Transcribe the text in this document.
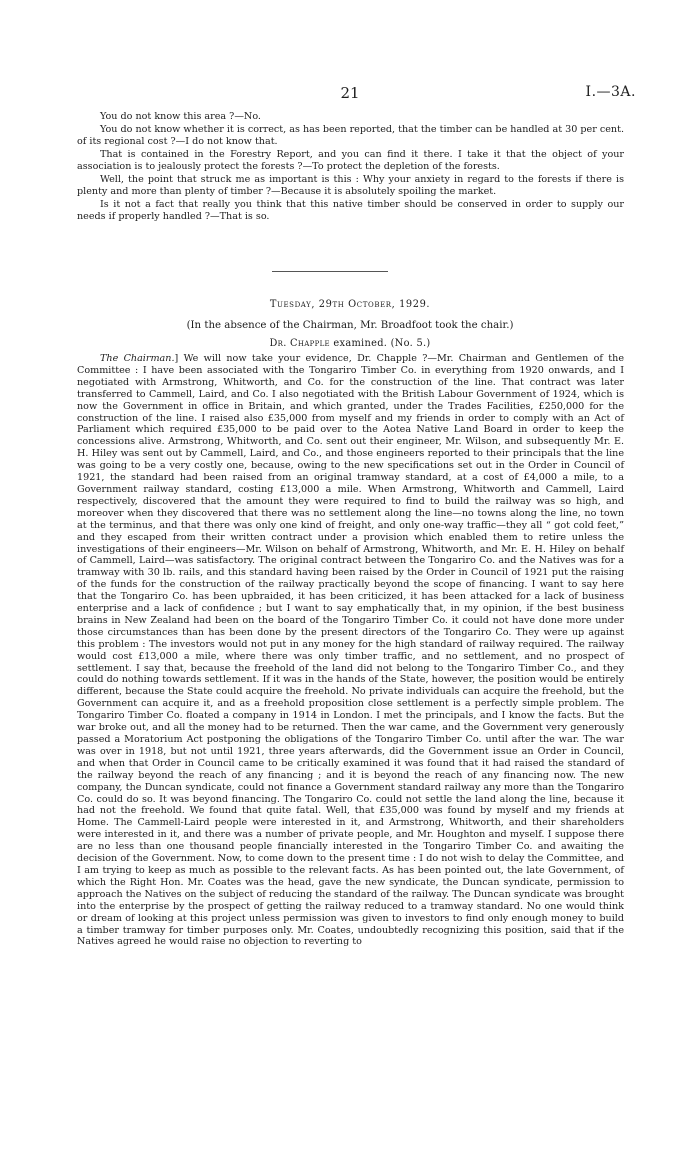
21	I.—3A.

You do not know this area ?—No.

You do not know whether it is correct, as has been reported, that the timber can be handled at 30 per cent. of its regional cost ?—I do not know that.

That is contained in the Forestry Report, and you can find it there. I take it that the object of your association is to jealously protect the forests ?—To protect the depletion of the forests.

Well, the point that struck me as important is this : Why your anxiety in regard to the forests if there is plenty and more than plenty of timber ?—Because it is absolutely spoiling the market.

Is it not a fact that really you think that this native timber should be conserved in order to supply our needs if properly handled ?—That is so.

Tuesday, 29th October, 1929.
(In the absence of the Chairman, Mr. Broadfoot took the chair.)
Dr. Chapple examined. (No. 5.)

The Chairman.] We will now take your evidence, Dr. Chapple ?—Mr. Chairman and Gentlemen of the Committee : I have been associated with the Tongariro Timber Co. in everything from 1920 onwards, and I negotiated with Armstrong, Whitworth, and Co. for the construction of the line. That contract was later transferred to Cammell, Laird, and Co. I also negotiated with the British Labour Government of 1924, which is now the Government in office in Britain, and which granted, under the Trades Facilities, £250,000 for the construction of the line. I raised also £35,000 from myself and my friends in order to comply with an Act of Parliament which required £35,000 to be paid over to the Aotea Native Land Board in order to keep the concessions alive. Armstrong, Whitworth, and Co. sent out their engineer, Mr. Wilson, and subsequently Mr. E. H. Hiley was sent out by Cammell, Laird, and Co., and those engineers reported to their principals that the line was going to be a very costly one, because, owing to the new specifications set out in the Order in Council of 1921, the standard had been raised from an original tramway standard, at a cost of £4,000 a mile, to a Government railway standard, costing £13,000 a mile. When Armstrong, Whitworth and Cammell, Laird respectively, discovered that the amount they were required to find to build the railway was so high, and moreover when they discovered that there was no settlement along the line—no towns along the line, no town at the terminus, and that there was only one kind of freight, and only one-way traffic—they all “ got cold feet,” and they escaped from their written contract under a provision which enabled them to retire unless the investigations of their engineers—Mr. Wilson on behalf of Armstrong, Whitworth, and Mr. E. H. Hiley on behalf of Cammell, Laird—was satisfactory. The original contract between the Tongariro Co. and the Natives was for a tramway with 30 lb. rails, and this standard having been raised by the Order in Council of 1921 put the raising of the funds for the construction of the railway practically beyond the scope of financing. I want to say here that the Tongariro Co. has been upbraided, it has been criticized, it has been attacked for a lack of business enterprise and a lack of confidence ; but I want to say emphatically that, in my opinion, if the best business brains in New Zealand had been on the board of the Tongariro Timber Co. it could not have done more under those circumstances than has been done by the present directors of the Tongariro Co. They were up against this problem : The investors would not put in any money for the high standard of railway required. The railway would cost £13,000 a mile, where there was only timber traffic, and no settlement, and no prospect of settlement. I say that, because the freehold of the land did not belong to the Tongariro Timber Co., and they could do nothing towards settlement. If it was in the hands of the State, however, the position would be entirely different, because the State could acquire the freehold. No private individuals can acquire the freehold, but the Government can acquire it, and as a freehold proposition close settlement is a perfectly simple problem. The Tongariro Timber Co. floated a company in 1914 in London. I met the principals, and I know the facts. But the war broke out, and all the money had to be returned. Then the war came, and the Government very generously passed a Moratorium Act postponing the obligations of the Tongariro Timber Co. until after the war. The war was over in 1918, but not until 1921, three years afterwards, did the Government issue an Order in Council, and when that Order in Council came to be critically examined it was found that it had raised the standard of the railway beyond the reach of any financing ; and it is beyond the reach of any financing now. The new company, the Duncan syndicate, could not finance a Government standard railway any more than the Tongariro Co. could do so. It was beyond financing. The Tongariro Co. could not settle the land along the line, because it had not the freehold. We found that quite fatal. Well, that £35,000 was found by myself and my friends at Home. The Cammell-Laird people were interested in it, and Armstrong, Whitworth, and their shareholders were interested in it, and there was a number of private people, and Mr. Houghton and myself. I suppose there are no less than one thousand people financially interested in the Tongariro Timber Co. and awaiting the decision of the Government. Now, to come down to the present time : I do not wish to delay the Committee, and I am trying to keep as much as possible to the relevant facts. As has been pointed out, the late Government, of which the Right Hon. Mr. Coates was the head, gave the new syndicate, the Duncan syndicate, permission to approach the Natives on the subject of reducing the standard of the railway. The Duncan syndicate was brought into the enterprise by the prospect of getting the railway reduced to a tramway standard. No one would think or dream of looking at this project unless permission was given to investors to find only enough money to build a timber tramway for timber purposes only. Mr. Coates, undoubtedly recognizing this position, said that if the Natives agreed he would raise no objection to reverting to
